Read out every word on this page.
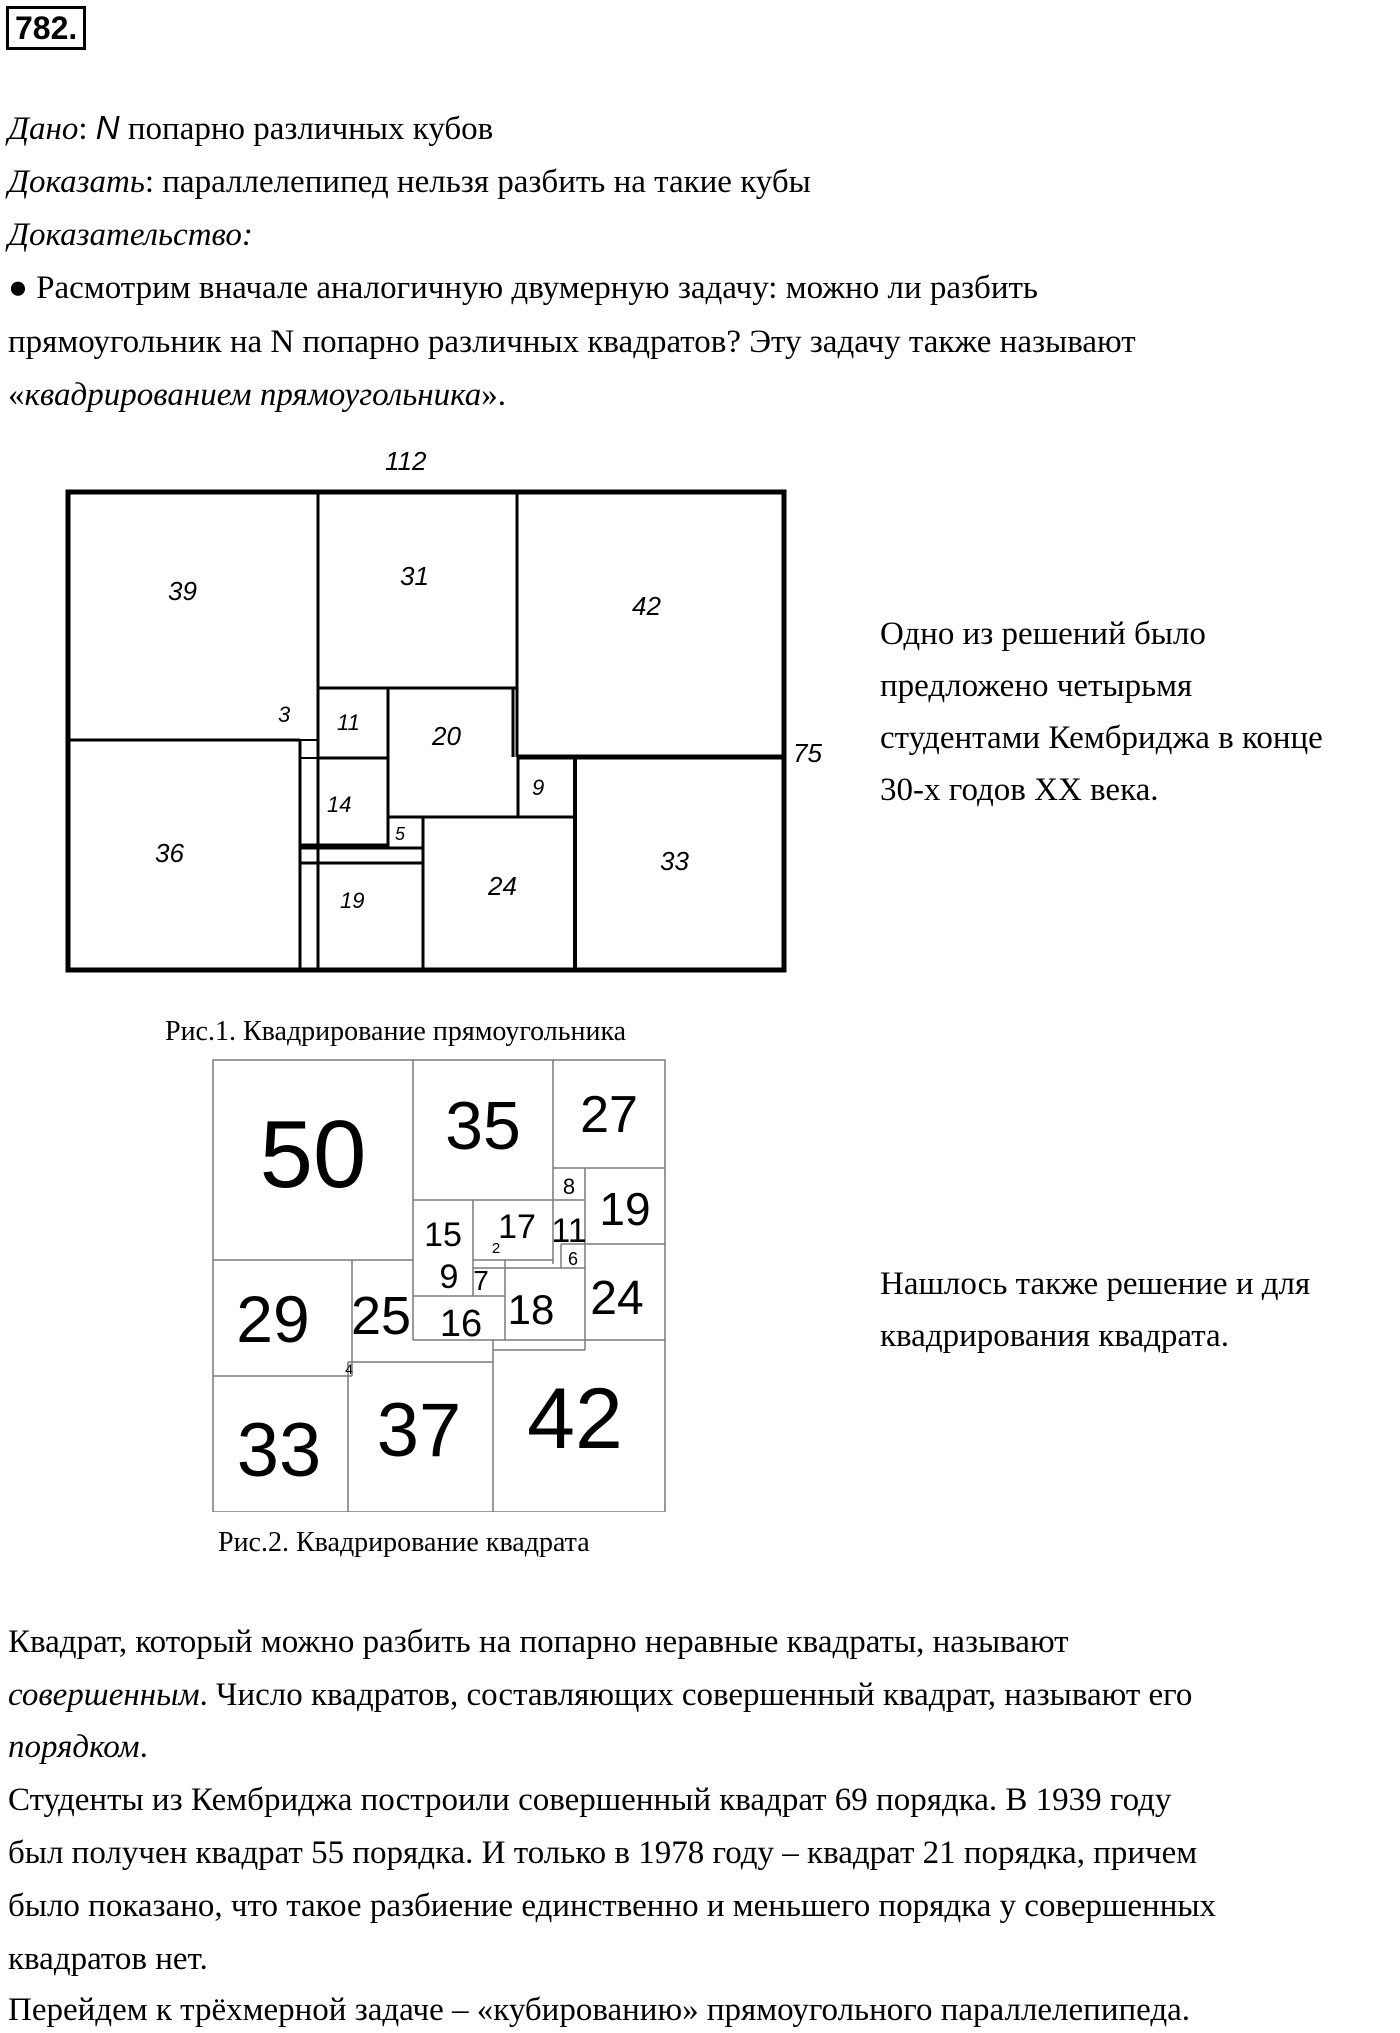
782.
Дано: N попарно различных кубов
Доказать: параллелепипед нельзя разбить на такие кубы
Доказательство:
● Расмотрим вначале аналогичную двумерную задачу: можно ли разбить
прямоугольник на N попарно различных квадратов? Эту задачу также называют
«квадрированием прямоугольника».
112
39	31
42
3 11	20
36
14
9
5
33
19	24
75
Рис.1. Квадрирование прямоугольника
Одно из решений было
предложено четырьмя
студентами Кембриджа в конце
30-х годов XX века.
50 35 27
8 19
15 17 11
2
6
9 7 24
29 25 18
16
4
33 37 42
Рис.2. Квадрирование квадрата
Нашлось также решение и для
квадрирования квадрата.
Квадрат, который можно разбить на попарно неравные квадраты, называют
совершенным. Число квадратов, составляющих совершенный квадрат, называют его
порядком.
Студенты из Кембриджа построили совершенный квадрат 69 порядка. В 1939 году
был получен квадрат 55 порядка. И только в 1978 году – квадрат 21 порядка, причем
было показано, что такое разбиение единственно и меньшего порядка у совершенных
квадратов нет.
Перейдем к трёхмерной задаче – «кубированию» прямоугольного параллелепипеда.
